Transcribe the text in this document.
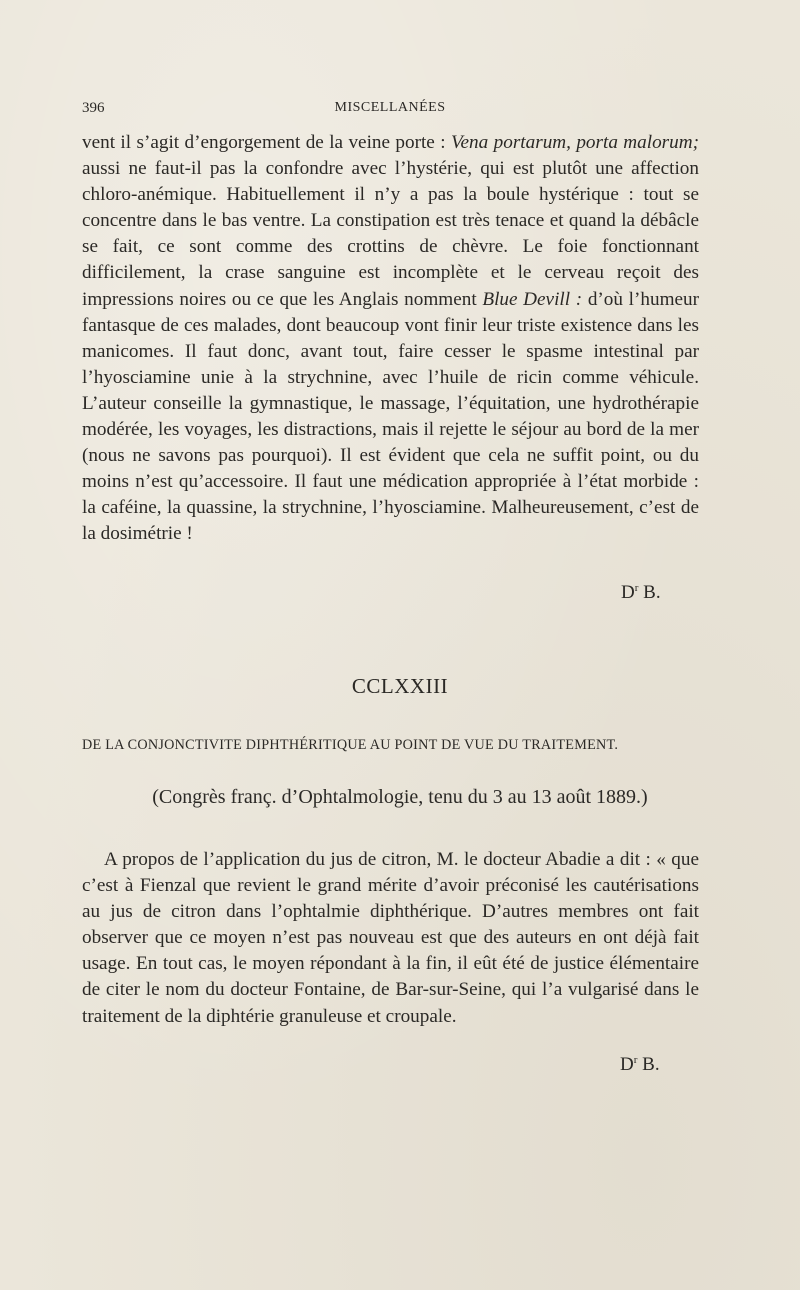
396	MISCELLANÉES

vent il s’agit d’engorgement de la veine porte : Vena portarum, porta malorum; aussi ne faut-il pas la confondre avec l’hystérie, qui est plutôt une affection chloro-anémique. Habituellement il n’y a pas la boule hystérique : tout se concentre dans le bas ventre. La constipation est très tenace et quand la débâcle se fait, ce sont comme des crottins de chèvre. Le foie fonctionnant difficilement, la crase sanguine est incomplète et le cerveau reçoit des impressions noires ou ce que les Anglais nomment Blue Devill : d’où l’humeur fantasque de ces malades, dont beaucoup vont finir leur triste existence dans les manicomes. Il faut donc, avant tout, faire cesser le spasme intestinal par l’hyosciamine unie à la strychnine, avec l’huile de ricin comme véhicule. L’auteur conseille la gymnastique, le massage, l’équitation, une hydrothérapie modérée, les voyages, les distractions, mais il rejette le séjour au bord de la mer (nous ne savons pas pourquoi). Il est évident que cela ne suffit point, ou du moins n’est qu’accessoire. Il faut une médication appropriée à l’état morbide : la caféine, la quassine, la strychnine, l’hyosciamine. Malheureusement, c’est de la dosimétrie !

$D^r$ B.
CCLXXIII
DE LA CONJONCTIVITE DIPHTHÉRITIQUE AU POINT DE VUE DU TRAITEMENT.
(Congrès franç. d’Ophtalmologie, tenu du 3 au 13 août 1889.)

A propos de l’application du jus de citron, M. le docteur Abadie a dit : « que c’est à Fienzal que revient le grand mérite d’avoir préconisé les cautérisations au jus de citron dans l’ophtalmie diphthérique. D’autres membres ont fait observer que ce moyen n’est pas nouveau est que des auteurs en ont déjà fait usage. En tout cas, le moyen répondant à la fin, il eût été de justice élémentaire de citer le nom du docteur Fontaine, de Bar-sur-Seine, qui l’a vulgarisé dans le traitement de la diphtérie granuleuse et croupale.

$D^r$ B.
